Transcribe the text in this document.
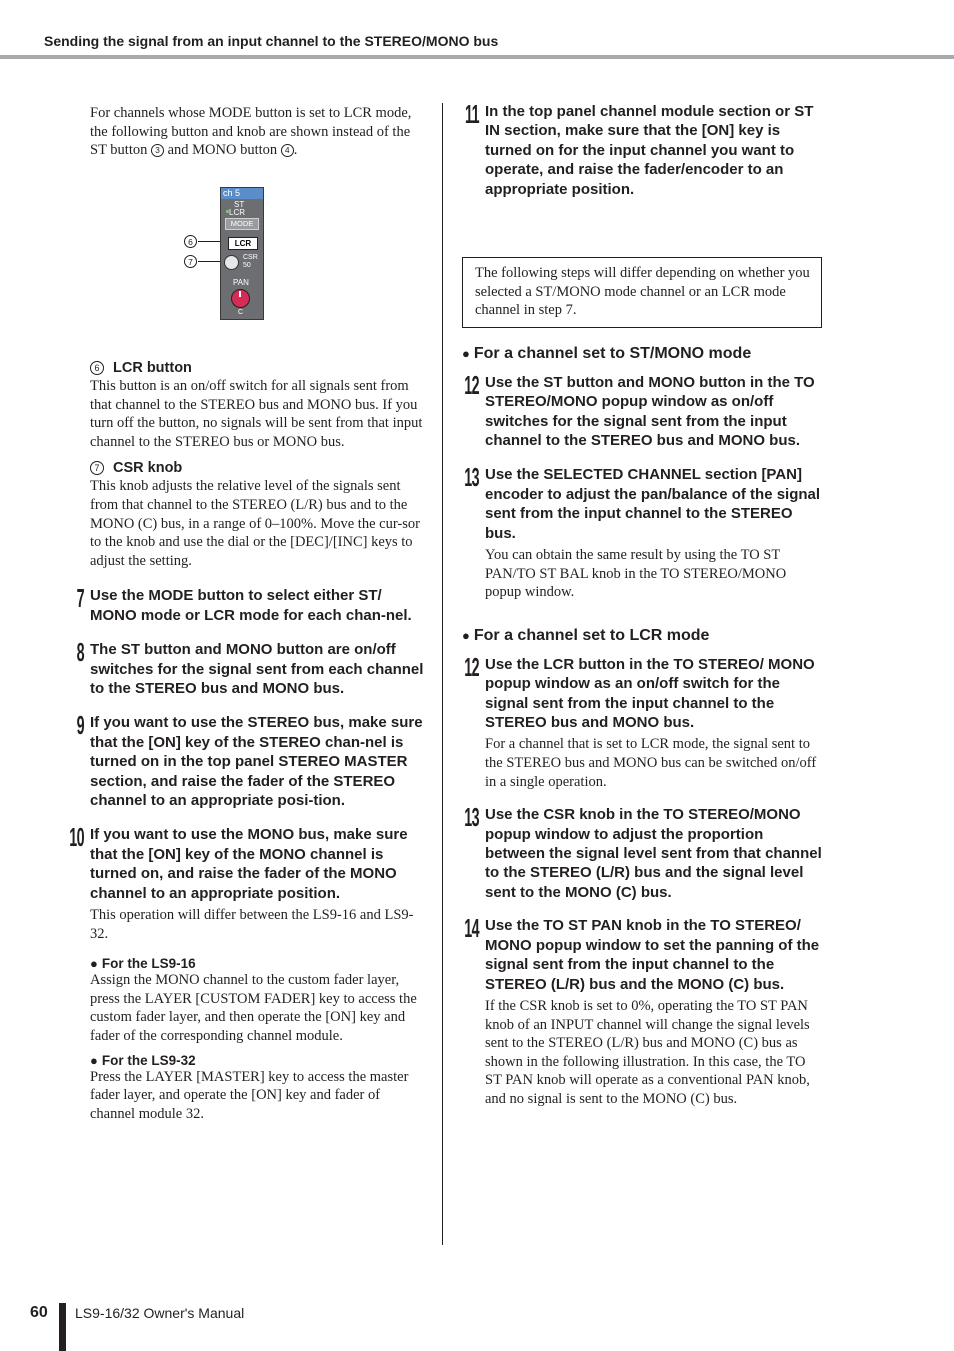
Sending the signal from an input channel to the STEREO/MONO bus

For channels whose MODE button is set to LCR mode, the following button and knob are shown instead of the ST button 3 and MONO button 4 .

6
7
ch 5
ST
LCR
MODE
LCR
CSR
50
PAN
C

6 LCR button

This button is an on/off switch for all signals sent from that channel to the STEREO bus and MONO bus. If you turn off the button, no signals will be sent from that input channel to the STEREO bus or MONO bus.

7 CSR knob

This knob adjusts the relative level of the signals sent from that channel to the STEREO (L/R) bus and to the MONO (C) bus, in a range of 0–100%. Move the cur-sor to the knob and use the dial or the [DEC]/[INC] keys to adjust the setting.

7 Use the MODE button to select either ST/ MONO mode or LCR mode for each chan-nel.

8 The ST button and MONO button are on/off switches for the signal sent from each channel to the STEREO bus and MONO bus.

9 If you want to use the STEREO bus, make sure that the [ON] key of the STEREO chan-nel is turned on in the top panel STEREO MASTER section, and raise the fader of the STEREO channel to an appropriate posi-tion.

10 If you want to use the MONO bus, make sure that the [ON] key of the MONO channel is turned on, and raise the fader of the MONO channel to an appropriate position.

This operation will differ between the LS9-16 and LS9-32.

● For the LS9-16

Assign the MONO channel to the custom fader layer, press the LAYER [CUSTOM FADER] key to access the custom fader layer, and then operate the [ON] key and fader of the corresponding channel module.

● For the LS9-32

Press the LAYER [MASTER] key to access the master fader layer, and operate the [ON] key and fader of channel module 32.

11 In the top panel channel module section or ST IN section, make sure that the [ON] key is turned on for the input channel you want to operate, and raise the fader/encoder to an appropriate position.

The following steps will differ depending on whether you selected a ST/MONO mode channel or an LCR mode channel in step 7.

● For a channel set to ST/MONO mode

12 Use the ST button and MONO button in the TO STEREO/MONO popup window as on/off switches for the signal sent from the input channel to the STEREO bus and MONO bus.

13 Use the SELECTED CHANNEL section [PAN] encoder to adjust the pan/balance of the signal sent from the input channel to the STEREO bus.

You can obtain the same result by using the TO ST PAN/TO ST BAL knob in the TO STEREO/MONO popup window.

● For a channel set to LCR mode

12 Use the LCR button in the TO STEREO/ MONO popup window as an on/off switch for the signal sent from the input channel to the STEREO bus and MONO bus.

For a channel that is set to LCR mode, the signal sent to the STEREO bus and MONO bus can be switched on/off in a single operation.

13 Use the CSR knob in the TO STEREO/MONO popup window to adjust the proportion between the signal level sent from that channel to the STEREO (L/R) bus and the signal level sent to the MONO (C) bus.

14 Use the TO ST PAN knob in the TO STEREO/ MONO popup window to set the panning of the signal sent from the input channel to the STEREO (L/R) bus and the MONO (C) bus.

If the CSR knob is set to 0%, operating the TO ST PAN knob of an INPUT channel will change the signal levels sent to the STEREO (L/R) bus and MONO (C) bus as shown in the following illustration. In this case, the TO ST PAN knob will operate as a conventional PAN knob, and no signal is sent to the MONO (C) bus.

60 LS9-16/32 Owner's Manual
